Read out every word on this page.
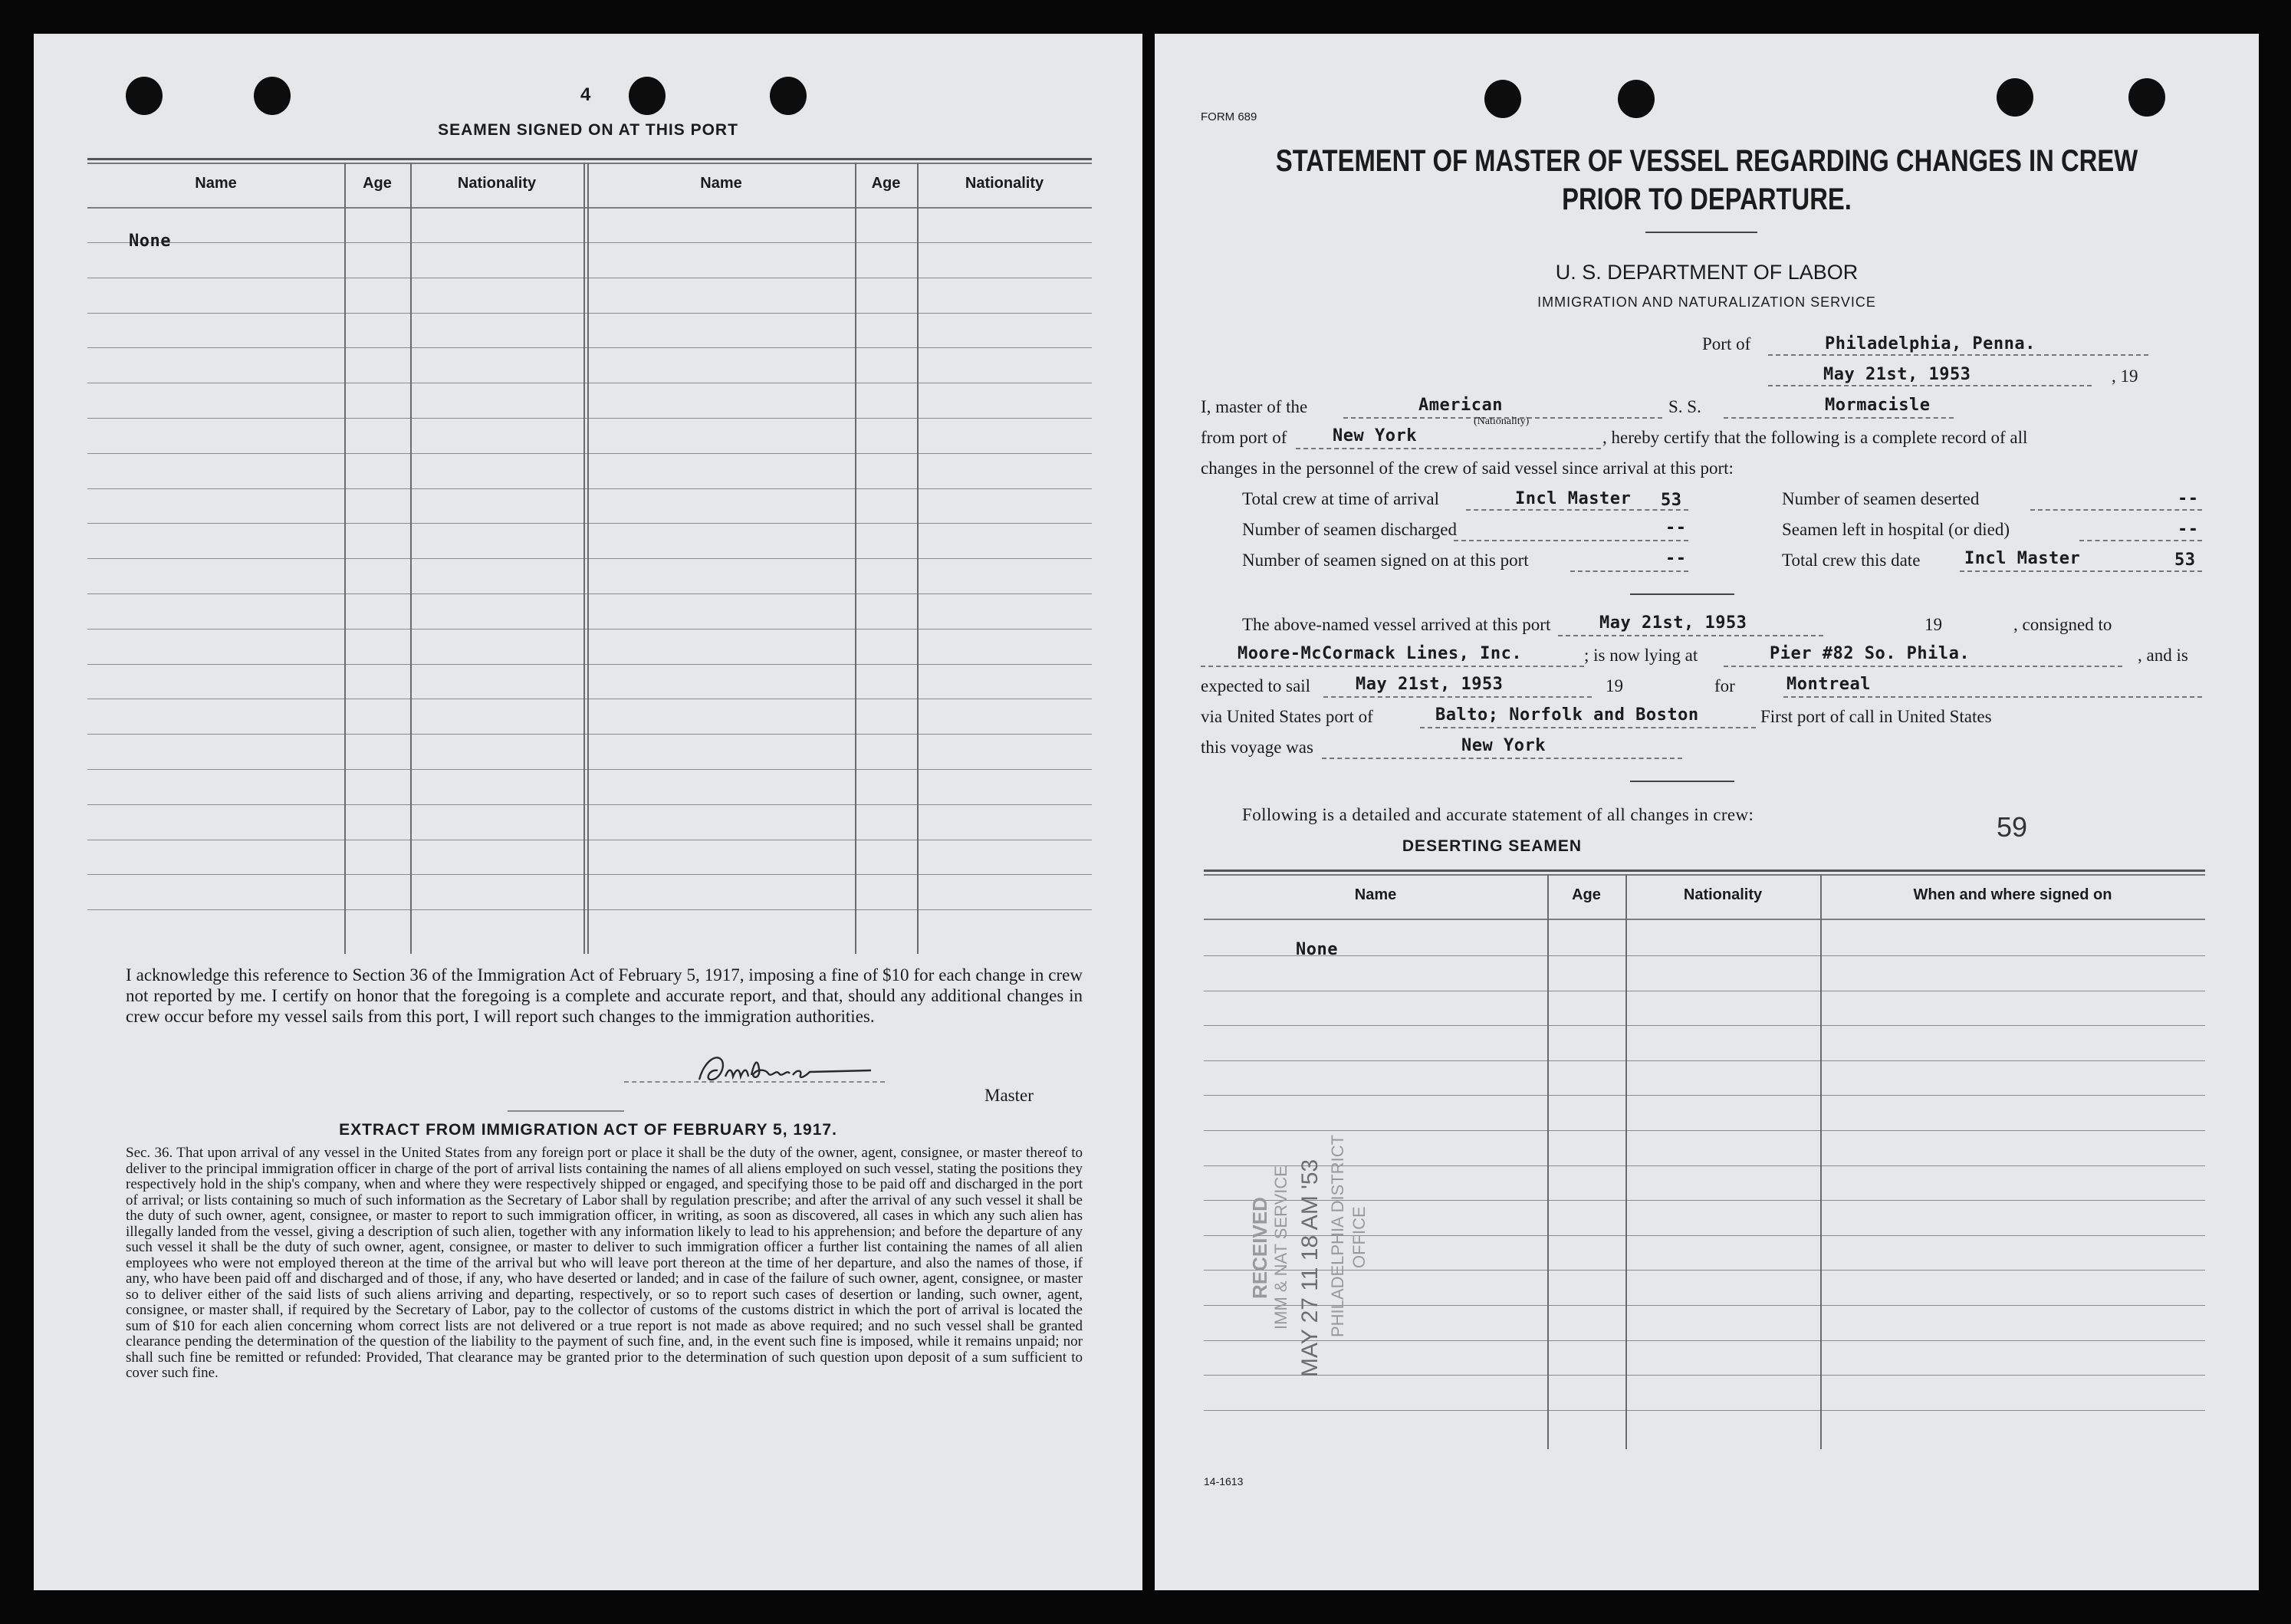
4
SEAMEN SIGNED ON AT THIS PORT
Name	Age	Nationality	Name	Age	Nationality
None
I acknowledge this reference to Section 36 of the Immigration Act of February 5, 1917, imposing a fine of $10 for each change in crew not reported by me. I certify on honor that the foregoing is a complete and accurate report, and that, should any additional changes in crew occur before my vessel sails from this port, I will report such changes to the immigration authorities.
Master
EXTRACT FROM IMMIGRATION ACT OF FEBRUARY 5, 1917.
Sec. 36. That upon arrival of any vessel in the United States from any foreign port or place it shall be the duty of the owner, agent, consignee, or master thereof to deliver to the principal immigration officer in charge of the port of arrival lists containing the names of all aliens employed on such vessel, stating the positions they respectively hold in the ship's company, when and where they were respectively shipped or engaged, and specifying those to be paid off and discharged in the port of arrival; or lists containing so much of such information as the Secretary of Labor shall by regulation prescribe; and after the arrival of any such vessel it shall be the duty of such owner, agent, consignee, or master to report to such immigration officer, in writing, as soon as discovered, all cases in which any such alien has illegally landed from the vessel, giving a description of such alien, together with any information likely to lead to his apprehension; and before the departure of any such vessel it shall be the duty of such owner, agent, consignee, or master to deliver to such immigration officer a further list containing the names of all alien employees who were not employed thereon at the time of the arrival but who will leave port thereon at the time of her departure, and also the names of those, if any, who have been paid off and discharged and of those, if any, who have deserted or landed; and in case of the failure of such owner, agent, consignee, or master so to deliver either of the said lists of such aliens arriving and departing, respectively, or so to report such cases of desertion or landing, such owner, agent, consignee, or master shall, if required by the Secretary of Labor, pay to the collector of customs of the customs district in which the port of arrival is located the sum of $10 for each alien concerning whom correct lists are not delivered or a true report is not made as above required; and no such vessel shall be granted clearance pending the determination of the question of the liability to the payment of such fine, and, in the event such fine is imposed, while it remains unpaid; nor shall such fine be remitted or refunded: Provided, That clearance may be granted prior to the determination of such question upon deposit of a sum sufficient to cover such fine.
FORM 689
STATEMENT OF MASTER OF VESSEL REGARDING CHANGES IN CREW
PRIOR TO DEPARTURE.
U. S. DEPARTMENT OF LABOR
IMMIGRATION AND NATURALIZATION SERVICE
Port of	Philadelphia, Penna.
May 21st, 1953	, 19
I, master of the	American
(Nationality)
S. S.	Mormacisle
from port of	New York	, hereby certify that the following is a complete record of all
changes in the personnel of the crew of said vessel since arrival at this port:
Total crew at time of arrival	Incl Master 53
Number of seamen discharged	--
Number of seamen signed on at this port	--
Number of seamen deserted	--
Seamen left in hospital (or died)	--
Total crew this date	Incl Master	53
The above-named vessel arrived at this port	May 21st, 1953	, consigned to
19
Moore-McCormack Lines, Inc.	; is now lying at	Pier #82 So. Phila.	, and is
expected to sail	May 21st, 1953	19	for	Montreal
via United States port of	Balto; Norfolk and Boston	First port of call in United States
this voyage was	New York
Following is a detailed and accurate statement of all changes in crew:	59
DESERTING SEAMEN
Name	Age	Nationality	When and where signed on
None
RECEIVED IMM & NAT SERVICE MAY 27 11 18 AM '53 PHILADELPHIA DISTRICT OFFICE
14-1613
